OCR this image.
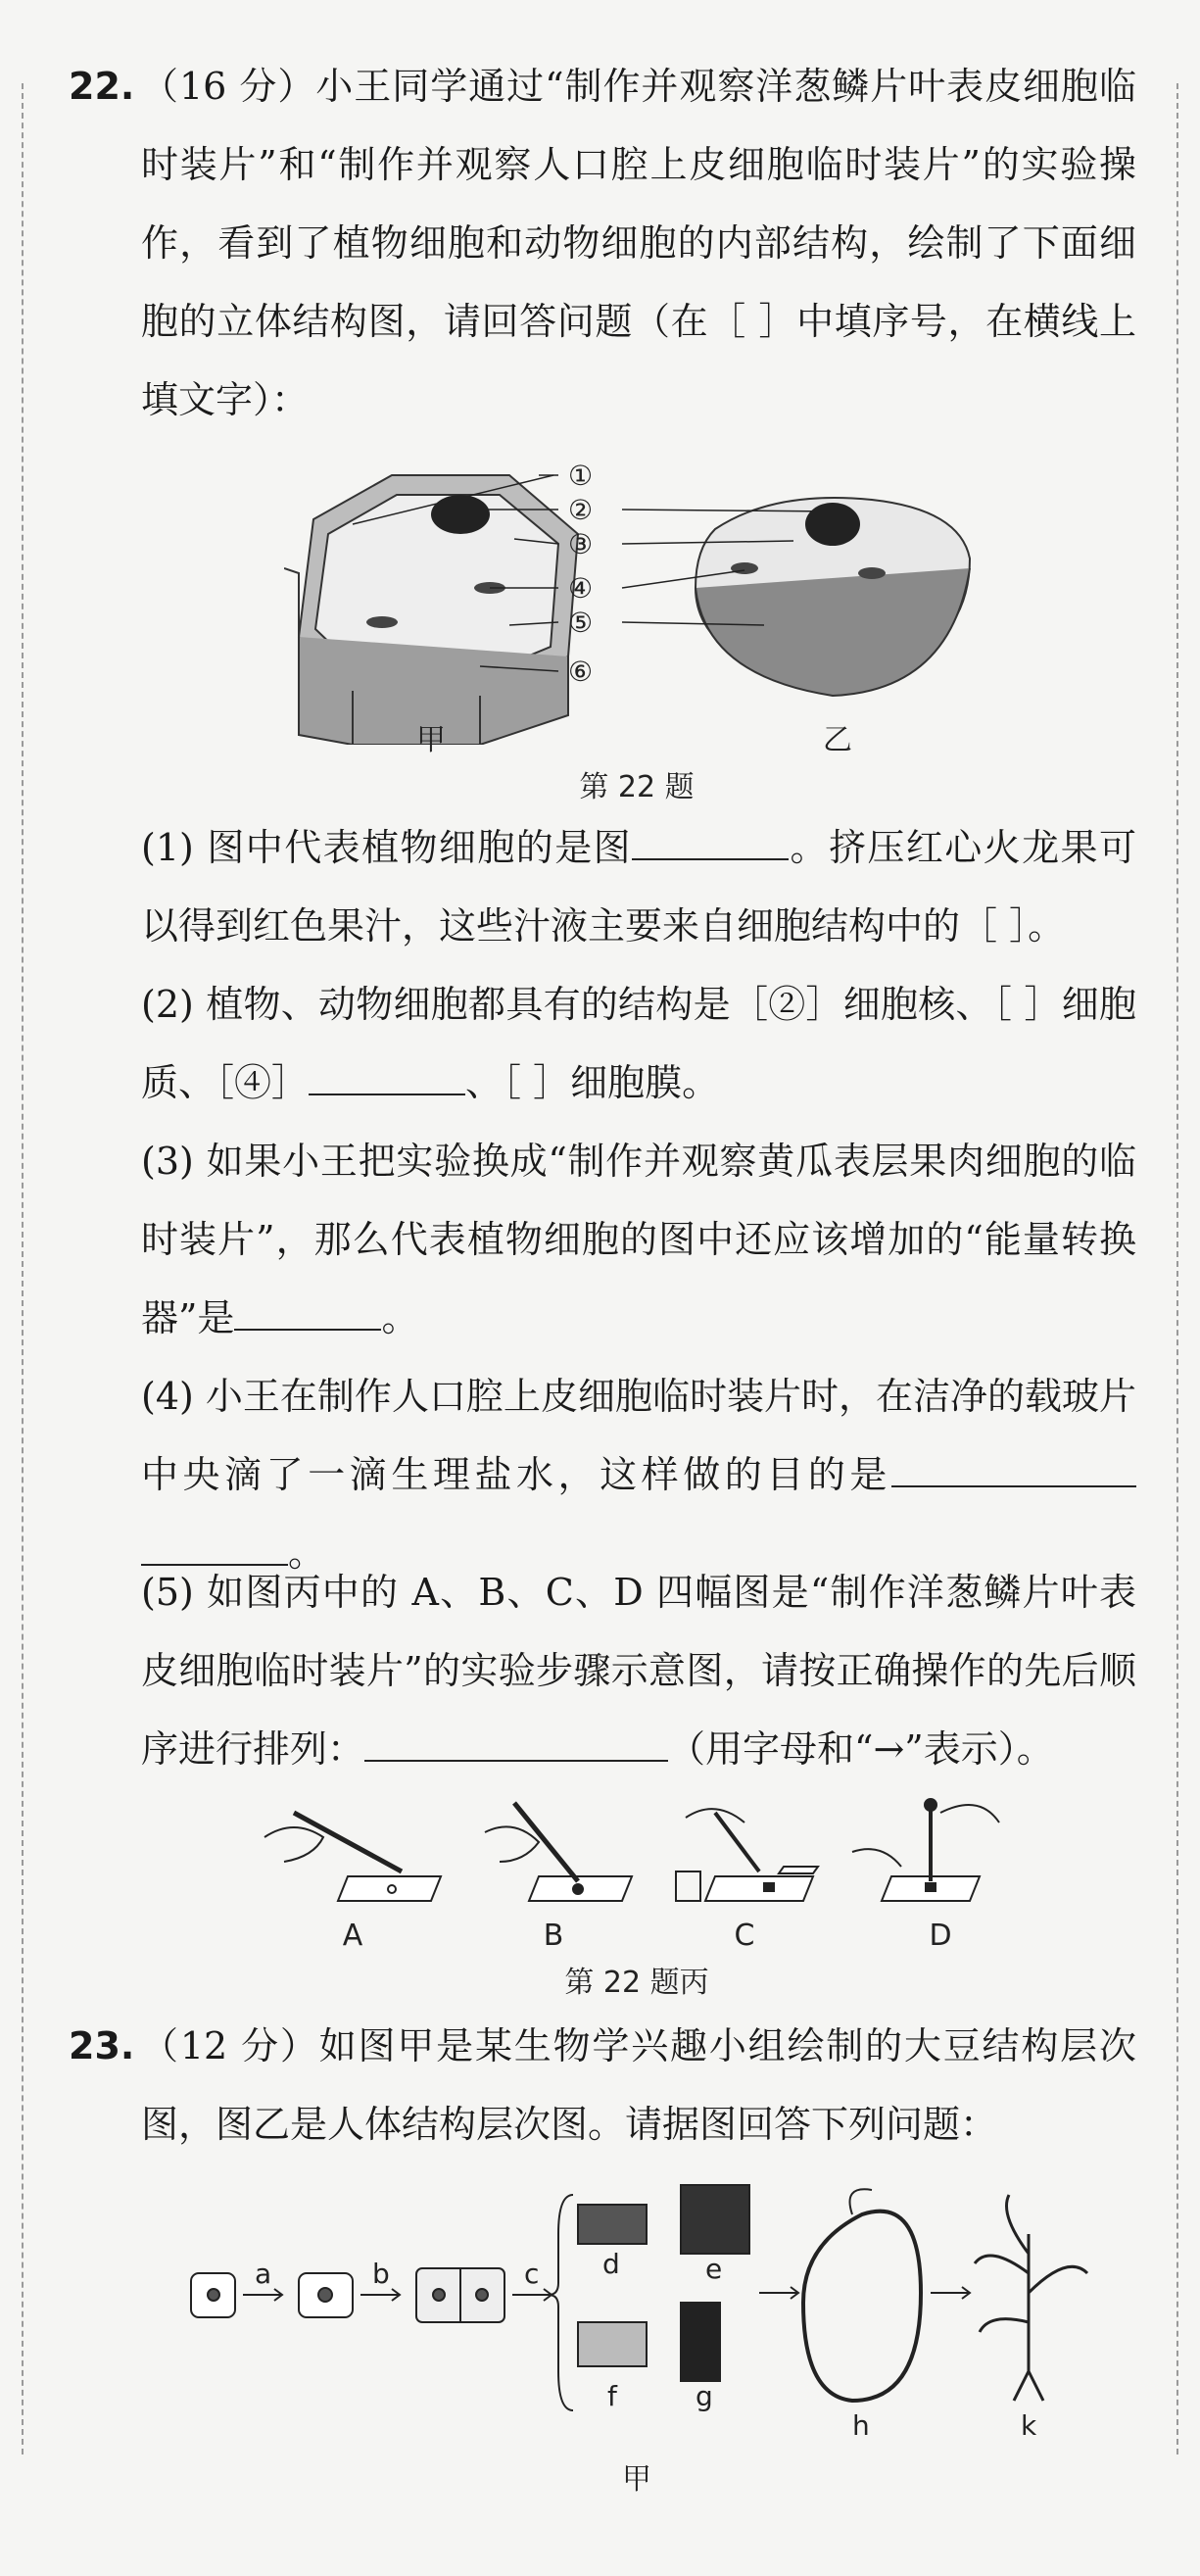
22. （16 分）小王同学通过“制作并观察洋葱鳞片叶表皮细胞临时装片”和“制作并观察人口腔上皮细胞临时装片”的实验操作，看到了植物细胞和动物细胞的内部结构，绘制了下面细胞的立体结构图，请回答问题（在［ ］中填序号，在横线上填文字）：
①
②
③
④
⑤
⑥
甲	乙
第 22 题
(1) 图中代表植物细胞的是图	。挤压红心火龙果可以得到红色果汁，这些汁液主要来自细胞结构中的［ ］。
(2) 植物、动物细胞都具有的结构是［②］细胞核、［ ］细胞质、［④］	、［ ］细胞膜。
(3) 如果小王把实验换成“制作并观察黄瓜表层果肉细胞的临时装片”，那么代表植物细胞的图中还应该增加的“能量转换器”是	。
(4) 小王在制作人口腔上皮细胞临时装片时，在洁净的载玻片中央滴了一滴生理盐水，这样做的目的是。
(5) 如图丙中的 A、B、C、D 四幅图是“制作洋葱鳞片叶表皮细胞临时装片”的实验步骤示意图，请按正确操作的先后顺序进行排列：	（用字母和“→”表示）。
A	B	C	D
第 22 题丙
23. （12 分）如图甲是某生物学兴趣小组绘制的大豆结构层次图，图乙是人体结构层次图。请据图回答下列问题：
a	b	c d	e
f	g
h	k
甲
